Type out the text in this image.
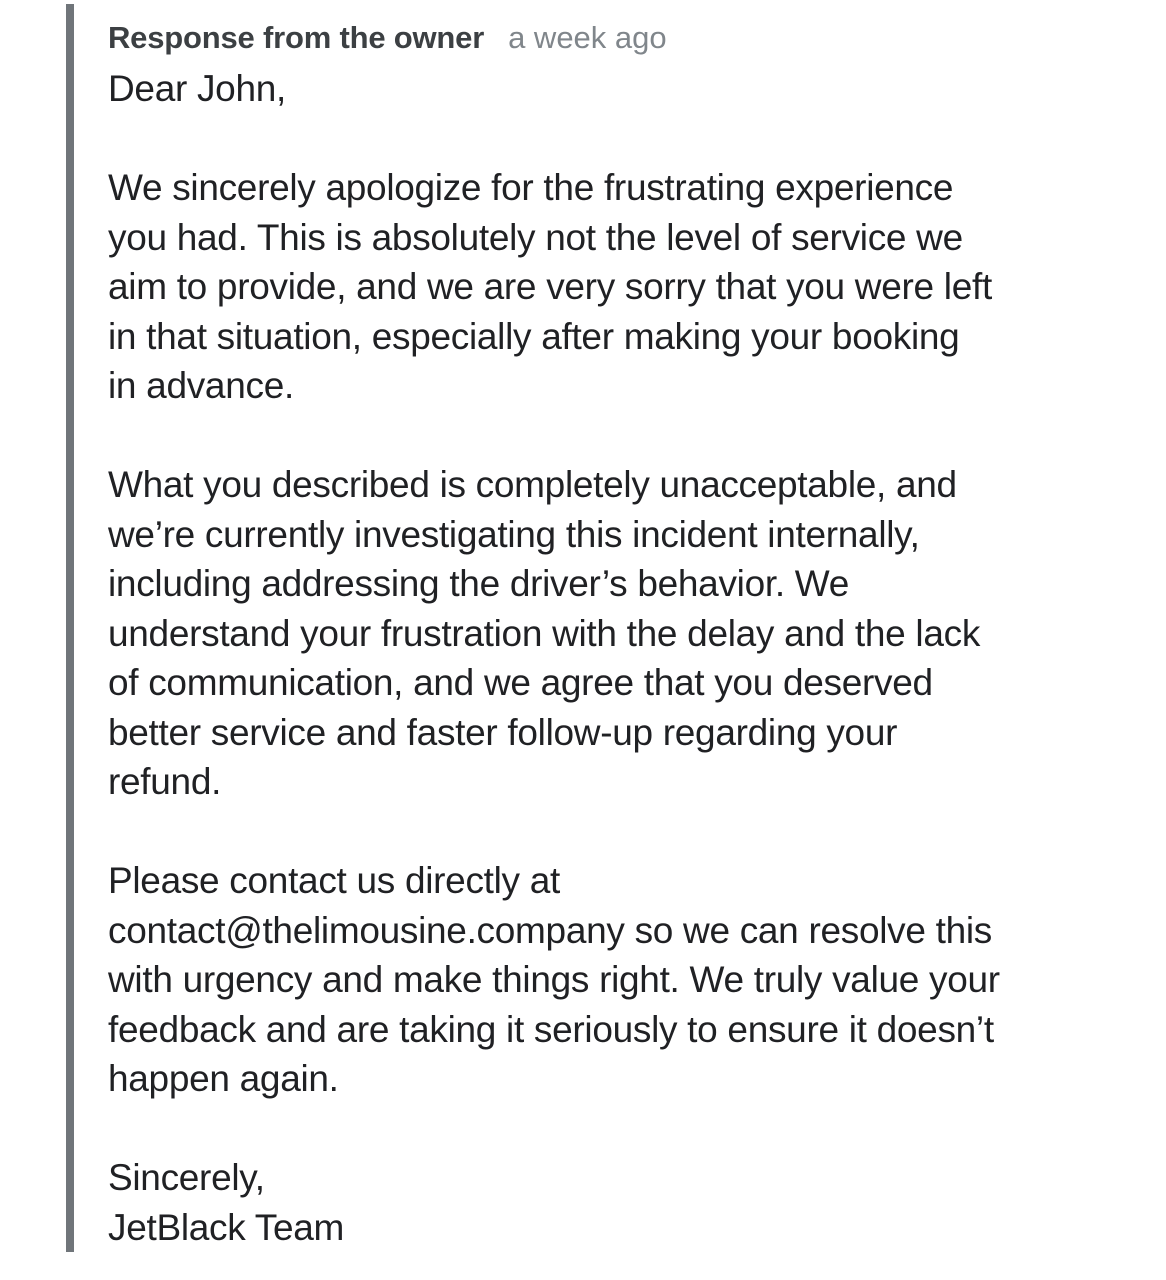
Response from the owner a week ago
Dear John,
We sincerely apologize for the frustrating experience
you had. This is absolutely not the level of service we
aim to provide, and we are very sorry that you were left
in that situation, especially after making your booking
in advance.
What you described is completely unacceptable, and
we’re currently investigating this incident internally,
including addressing the driver’s behavior. We
understand your frustration with the delay and the lack
of communication, and we agree that you deserved
better service and faster follow-up regarding your
refund.
Please contact us directly at
contact@thelimousine.company so we can resolve this
with urgency and make things right. We truly value your
feedback and are taking it seriously to ensure it doesn’t
happen again.
Sincerely,
JetBlack Team
